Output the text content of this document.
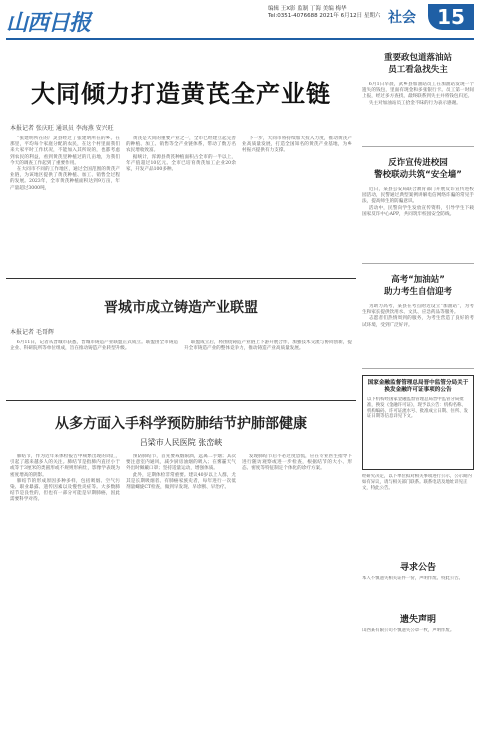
山西日报
编辑 王X影 监制 丁海 美编 梅华
Tel:0351-4076688 2021年 6月12日 星期六 社会	15
大同倾力打造黄芪全产业链
本报记者 张庆旺 通讯员 李海燕 安兴旺

“张建明所在的广灵县经过了张建明所在的乡。在那里，平均每个家庭分配的农民，在这个村里面我们来大家平时工作状况，不能加入其所说的，也都考虑到农民的利益，看到黄芪里种植过的几亩地，为我们今天的调查工作起到了重要作用。

在大同市不同的工作地区，通过全国范围的黄芪产业链，为该地区提供了黄芪种植、加工、销售全过程的发展。2023年，全市黄芪种植面积达到9万亩，年产量超过3000吨，

黄芪是大同的重要产业之一，全市已经建立起完善的种植、加工、销售等全产业链体系，带动了数万名农民增收致富。

据统计，浑源县黄芪种植面积占全市的一半以上，年产值超过10亿元。全市已培育黄芪加工企业20余家，开发产品100多种。

下一步，大同市将持续加大投入力度，推动黄芪产业高质量发展，打造全国知名的黄芪产业基地，为乡村振兴提供有力支撑。

晋城市成立铸造产业联盟
本报记者 毛哥辉

6月11日，记者从晋城市获悉，晋城市铸造产业联盟正式成立。联盟由全市铸造企业、科研院所等单位组成，旨在推动铸造产业转型升级。

联盟成立后，将围绕铸造产业链上下游开展合作，加强技术交流与协同创新，提升全市铸造产业的整体竞争力，推动铸造产业高质量发展。

从多方面入手科学预防肺结节护肺部健康
吕梁市人民医院 张峦峡

肺结节，作为近年来体检报告中频繁出现的词汇，引起了越来越多人的关注。肺结节是指肺内直径小于或等于3厘米的类圆形或不规则形病灶，影像学表现为密度增高的阴影。

肺结节的形成原因多种多样，包括吸烟、空气污染、职业暴露、遗传因素以及慢性炎症等。大多数肺结节是良性的，但也有一部分可能是早期肺癌，因此需要科学对待。

预防肺结节，首先要戒烟限酒，远离二手烟；其次要注意室内通风，减少厨房油烟的吸入；在雾霾天气外出时佩戴口罩；坚持适量运动，增强体质。

此外，定期体检非常重要。建议40岁以上人群，尤其是长期吸烟者、有肺癌家族史者，每年进行一次低剂量螺旋CT检查，做到早发现、早诊断、早治疗。

发现肺结节后不必过度恐慌，应在专业医生指导下进行随访观察或进一步检查，根据结节的大小、形态、密度等特征制定个体化的诊疗方案。

重要政包道落油站
员工看急找失主

6月1日早晨，武乡县加油站员工在加油站发现一个遗失的钱包，里面有现金和多张银行卡。员工第一时间上报，经过多方查找，最终联系到失主并将钱包归还。

失主对加油站员工拾金不昧的行为表示感谢。

反诈宣传进校园
警校联动共筑“安全墙”

近日，某县公安局联合教育部门开展反诈宣传进校园活动，民警通过典型案例讲解电信网络诈骗的常见手法，提高师生的防骗意识。

活动中，民警向学生发放宣传资料，引导学生下载国家反诈中心APP，共同筑牢校园安全防线。

高考“加油站”
助力考生自信迎考

为助力高考，某县在考点附近设立“加油站”，为考生和家长提供饮用水、文具、应急药品等服务。

志愿者们热情周到的服务，为考生营造了良好的考试环境，受到广泛好评。

国家金融监督管理总局晋中监管分局关于换发金融许可证事项的公告
以下机构经国家金融监督管理总局晋中监管分局批准，换发《金融许可证》，现予以公告：机构名称、机构编码、许可证流水号、批准成立日期、住所、发证日期等信息详见下文。
经研究决定，以下单位拟对相关事项进行公示，公示期内如有异议，请与相关部门联系。联系电话及地址详见正文，特此公告。
寻求公告
本人不慎遗失相关证件一份，声明作废。特此公告。
遗失声明
山西某有限公司不慎遗失公章一枚，声明作废。
